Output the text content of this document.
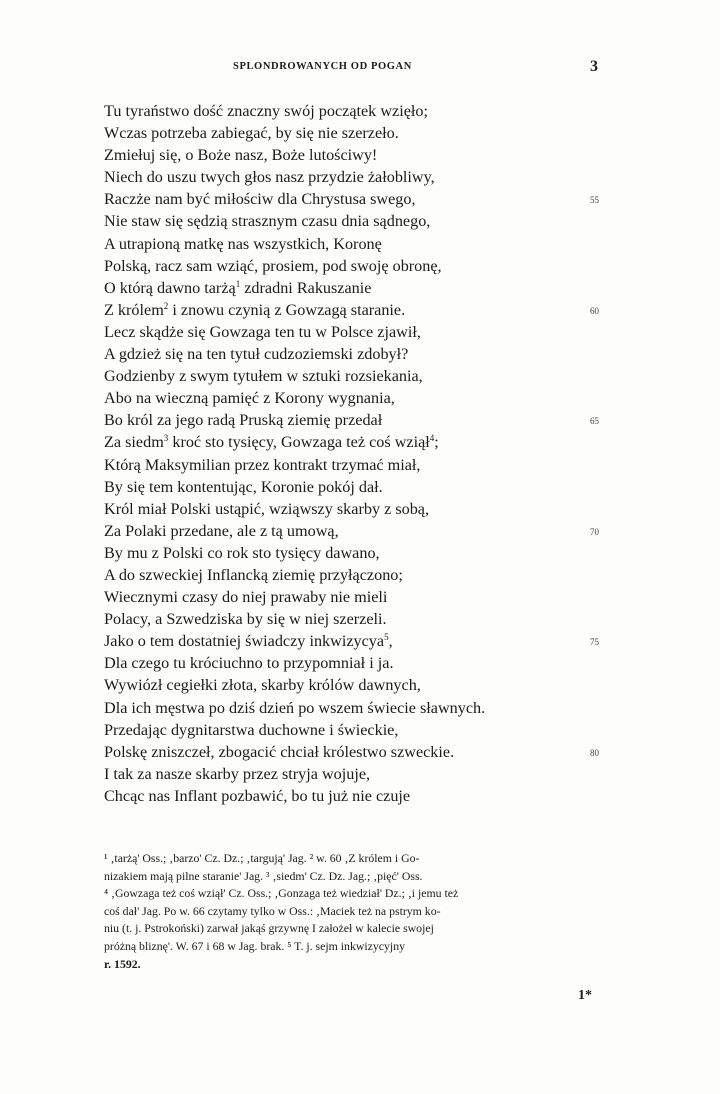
SPLONDROWANYCH OD POGAN	3
Tu tyraństwo dość znaczny swój początek wzięło;
Wczas potrzeba zabiegać, by się nie szerzeło.
Zmiełuj się, o Boże nasz, Boże lutościwy!
Niech do uszu twych głos nasz przydzie żałobliwy,
Raczże nam być miłościw dla Chrystusa swego,	55
Nie staw się sędzią strasznym czasu dnia sądnego,
A utrapioną matkę nas wszystkich, Koronę
Polską, racz sam wziąć, prosiem, pod swoję obronę,
O którą dawno tarżą$^1$ zdradni Rakuszanie
Z królem$^2$ i znowu czynią z Gowzagą staranie.	60
Lecz skądże się Gowzaga ten tu w Polsce zjawił,
A gdzież się na ten tytuł cudzoziemski zdobył?
Godzienby z swym tytułem w sztuki rozsiekania,
Abo na wieczną pamięć z Korony wygnania,
Bo król za jego radą Pruską ziemię przedał	65
Za siedm$^3$ kroć sto tysięcy, Gowzaga też coś wziął$^4$;
Którą Maksymilian przez kontrakt trzymać miał,
By się tem kontentując, Koronie pokój dał.
Król miał Polski ustąpić, wziąwszy skarby z sobą,
Za Polaki przedane, ale z tą umową,	70
By mu z Polski co rok sto tysięcy dawano,
A do szweckiej Inflancką ziemię przyłączono;
Wiecznymi czasy do niej prawaby nie mieli
Polacy, a Szwedziska by się w niej szerzeli.
Jako o tem dostatniej świadczy inkwizycya$^5$,	75
Dla czego tu króciuchno to przypomniał i ja.
Wywiózł cegiełki złota, skarby królów dawnych,
Dla ich męstwa po dziś dzień po wszem świecie sławnych.
Przedając dygnitarstwa duchowne i świeckie,
Polskę zniszczeł, zbogacić chciał królestwo szweckie.	80
I tak za nasze skarby przez stryja wojuje,
Chcąc nas Inflant pozbawić, bo tu już nie czuje
¹ ‚tarżą' Oss.; ‚barzo' Cz. Dz.; ‚targują' Jag. ² w. 60 ‚Z królem i Go-
nizakiem mają pilne staranie' Jag. ³ ‚siedm' Cz. Dz. Jag.; ‚pięć' Oss.
⁴ ‚Gowzaga też coś wziął' Cz. Oss.; ‚Gonzaga też wiedział' Dz.; ‚i jemu też
coś dał' Jag. Po w. 66 czytamy tylko w Oss.: ‚Maciek też na pstrym ko-
niu (t. j. Pstrokoński) zarwał jakąś grzywnę I założeł w kalecie swojej
próżną bliznę'. W. 67 i 68 w Jag. brak. ⁵ T. j. sejm inkwizycyjny
r. 1592.
1*
